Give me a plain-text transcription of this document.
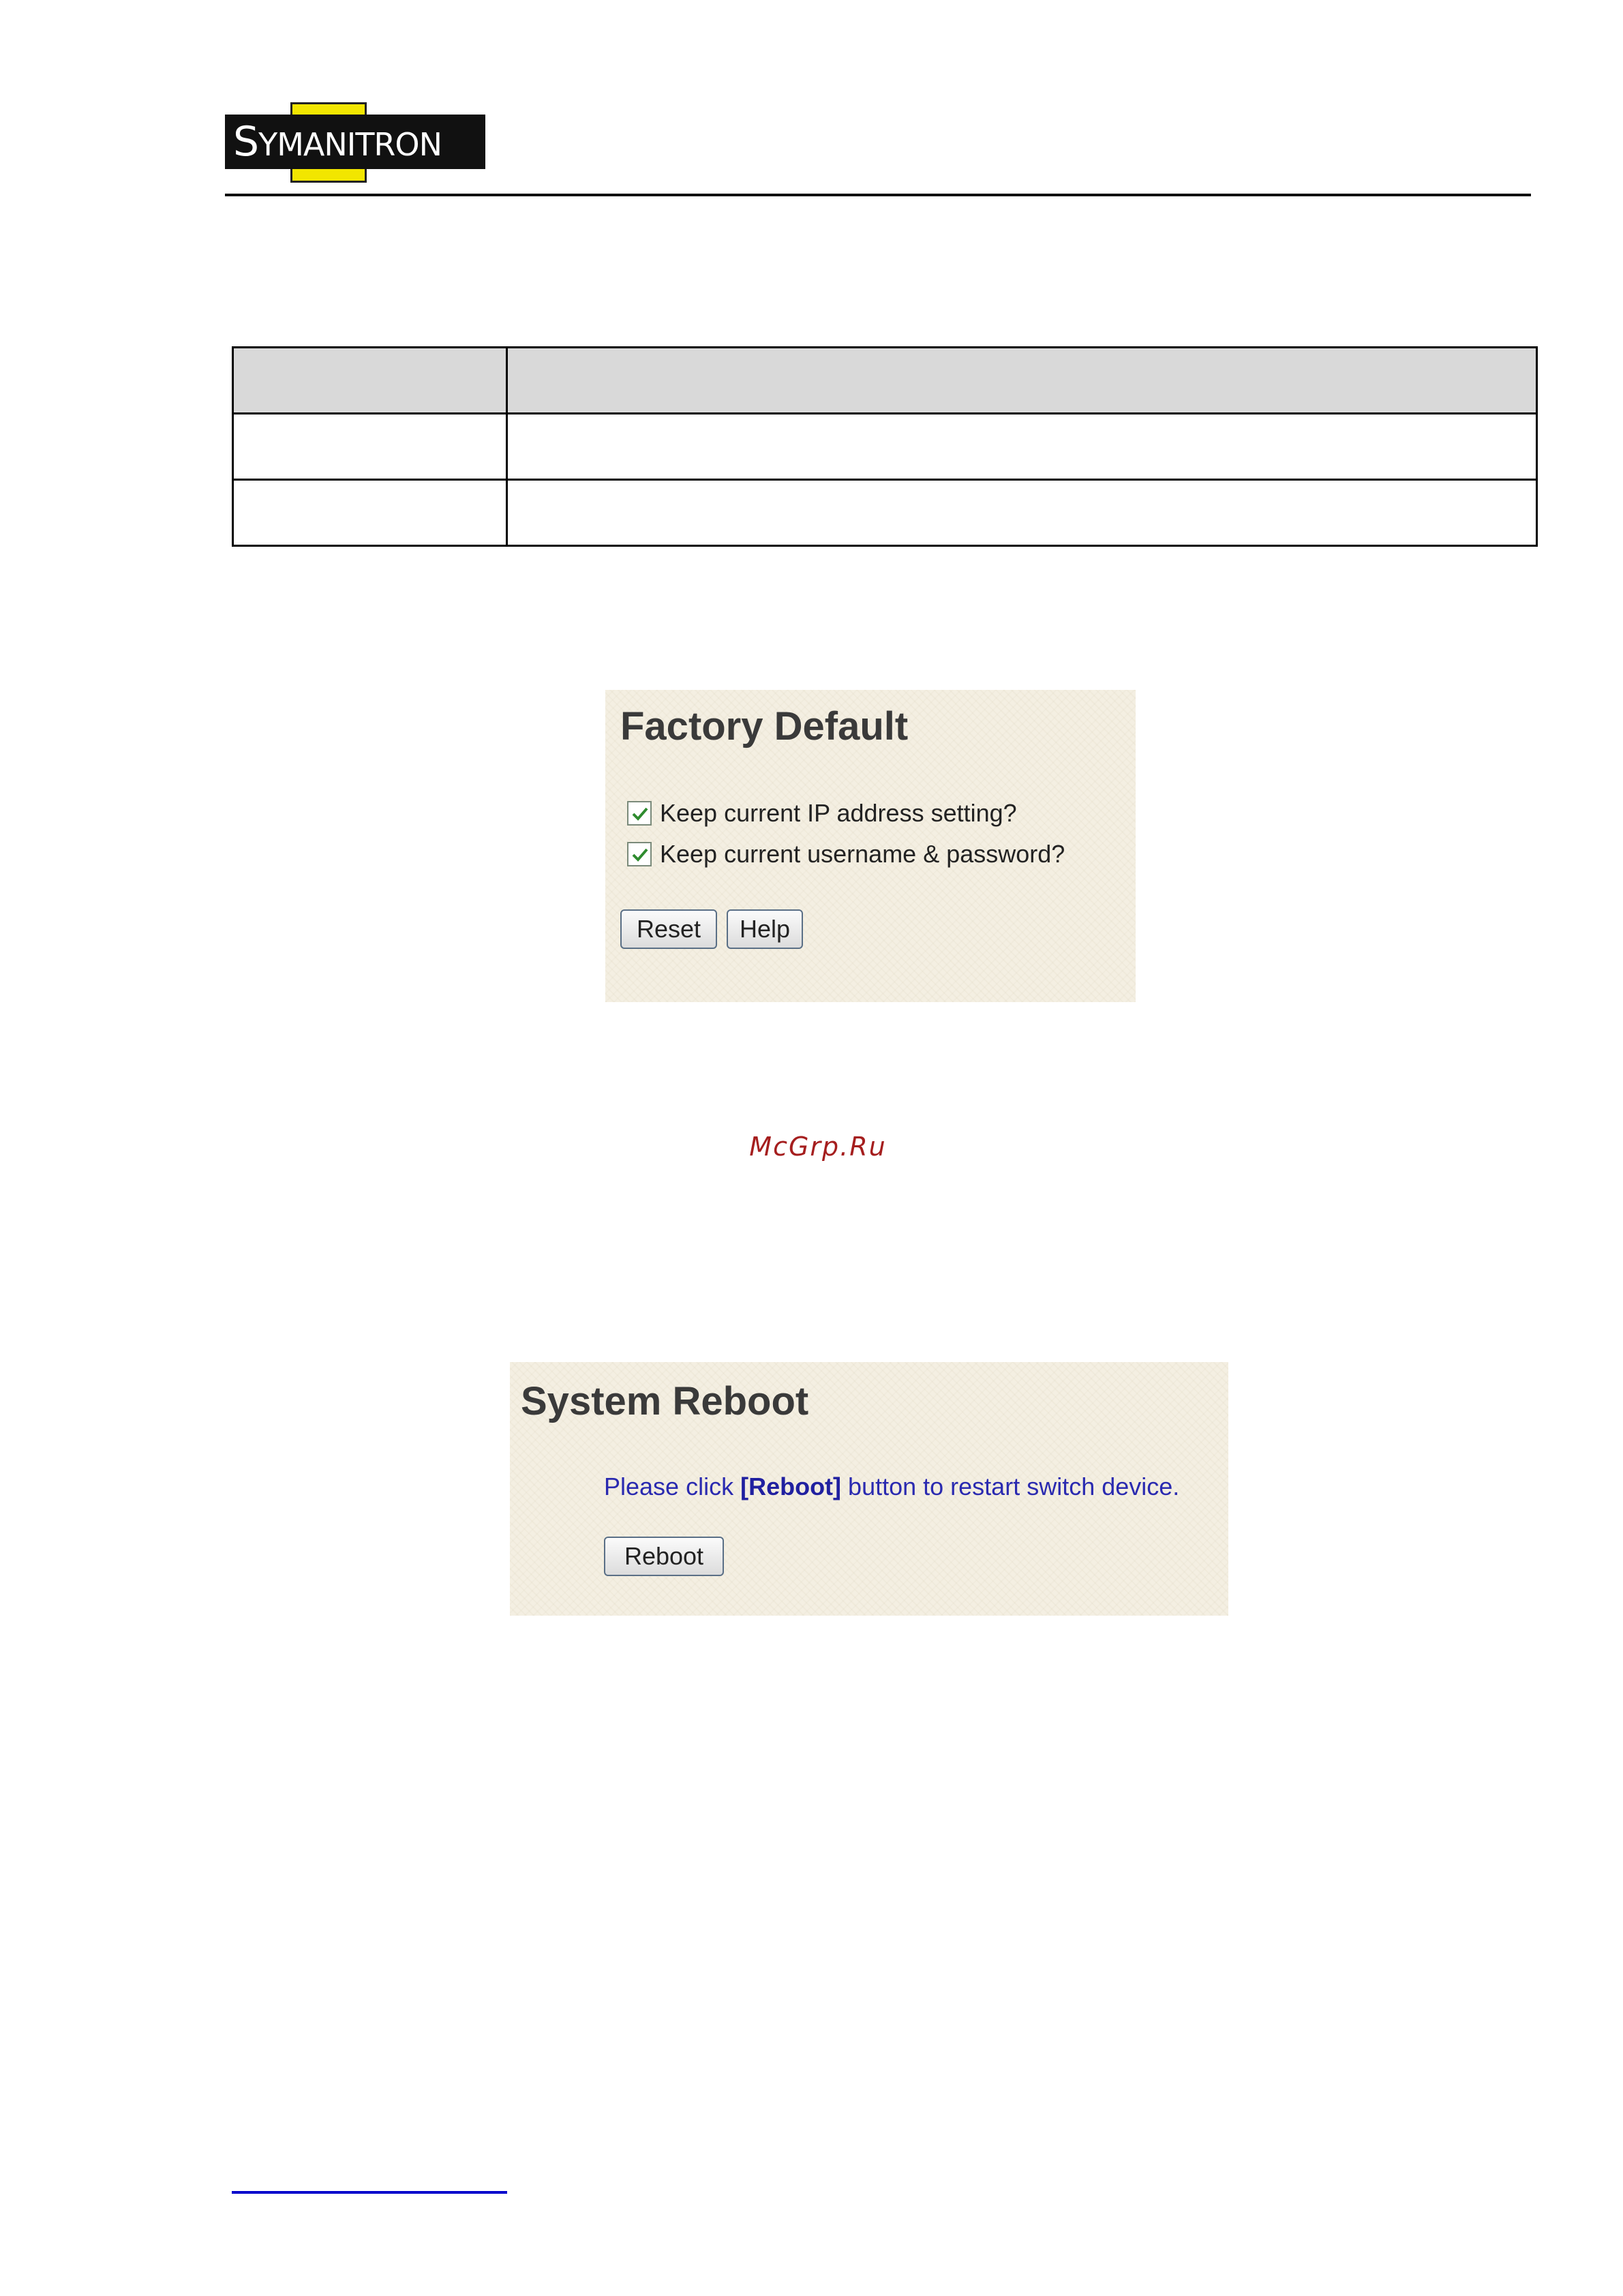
SYMANITRON

Factory Default
Keep current IP address setting?
Keep current username & password?
Reset	Help
McGrp.Ru
System Reboot
Please click [Reboot] button to restart switch device.
Reboot
